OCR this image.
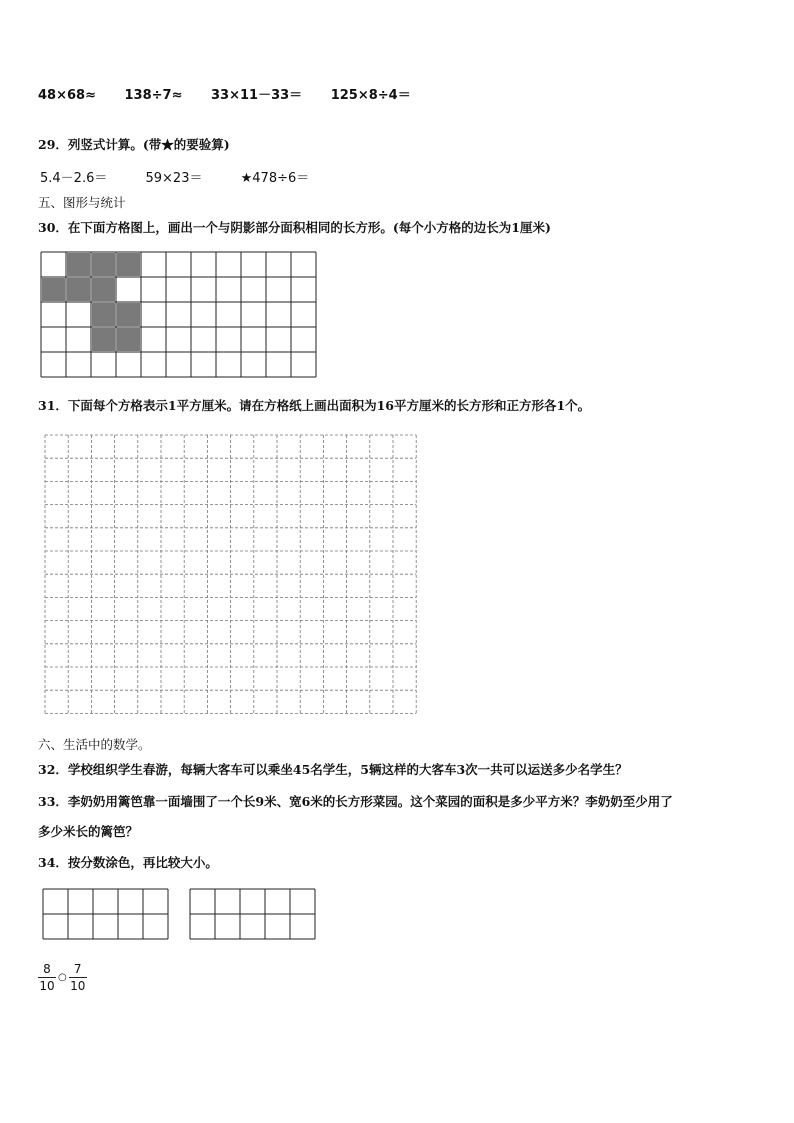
48×68≈ 138÷7≈ 33×11－33＝ 125×8÷4＝
29．列竖式计算。(带★的要验算)
5.4－2.6＝	59×23＝	★478÷6＝
五、图形与统计
30．在下面方格图上，画出一个与阴影部分面积相同的长方形。(每个小方格的边长为1厘米)
31．下面每个方格表示1平方厘米。请在方格纸上画出面积为16平方厘米的长方形和正方形各1个。
六、生活中的数学。
32．学校组织学生春游，每辆大客车可以乘坐45名学生，5辆这样的大客车3次一共可以运送多少名学生？
33．李奶奶用篱笆靠一面墙围了一个长9米、宽6米的长方形菜园。这个菜园的面积是多少平方米？李奶奶至少用了
多少米长的篱笆？
34．按分数涂色，再比较大小。
$\frac{8}{10}$ ○ $\frac{7}{10}$
